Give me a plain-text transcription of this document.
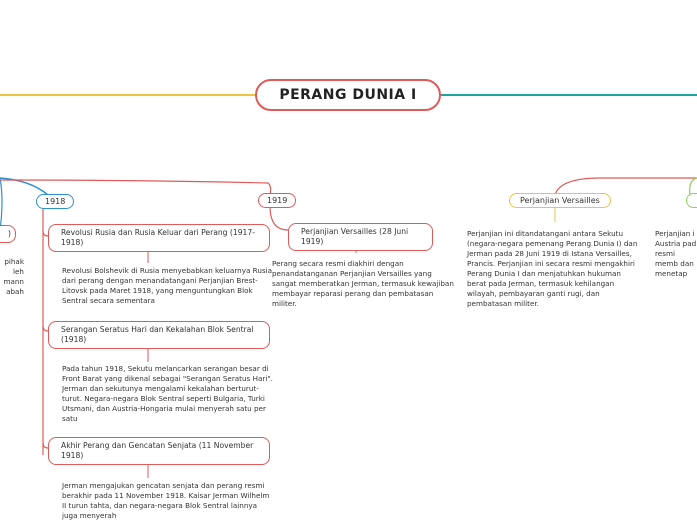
PERANG DUNIA I
1918
Revolusi Rusia dan Rusia Keluar dari Perang (1917-1918)
Revolusi Bolshevik di Rusia menyebabkan keluarnya Rusia dari perang dengan menandatangani Perjanjian Brest-Litovsk pada Maret 1918, yang menguntungkan Blok Sentral secara sementara
Serangan Seratus Hari dan Kekalahan Blok Sentral (1918)
Pada tahun 1918, Sekutu melancarkan serangan besar di Front Barat yang dikenal sebagai "Serangan Seratus Hari". Jerman dan sekutunya mengalami kekalahan berturut-turut. Negara-negara Blok Sentral seperti Bulgaria, Turki Utsmani, dan Austria-Hongaria mulai menyerah satu per satu
Akhir Perang dan Gencatan Senjata (11 November 1918)
Jerman mengajukan gencatan senjata dan perang resmi berakhir pada 11 November 1918. Kaisar Jerman Wilhelm II turun tahta, dan negara-negara Blok Sentral lainnya juga menyerah
1919
Perjanjian Versailles (28 Juni 1919)
Perang secara resmi diakhiri dengan penandatanganan Perjanjian Versailles yang sangat memberatkan Jerman, termasuk kewajiban membayar reparasi perang dan pembatasan militer.
Perjanjian Versailles
Perjanjian ini ditandatangani antara Sekutu (negara-negara pemenang Perang Dunia I) dan Jerman pada 28 Juni 1919 di Istana Versailles, Prancis. Perjanjian ini secara resmi mengakhiri Perang Dunia I dan menjatuhkan hukuman berat pada Jerman, termasuk kehilangan wilayah, pembayaran ganti rugi, dan pembatasan militer.
Perjanjian i Austria pad resmi memb dan menetap
)
pihak leh mann abah
